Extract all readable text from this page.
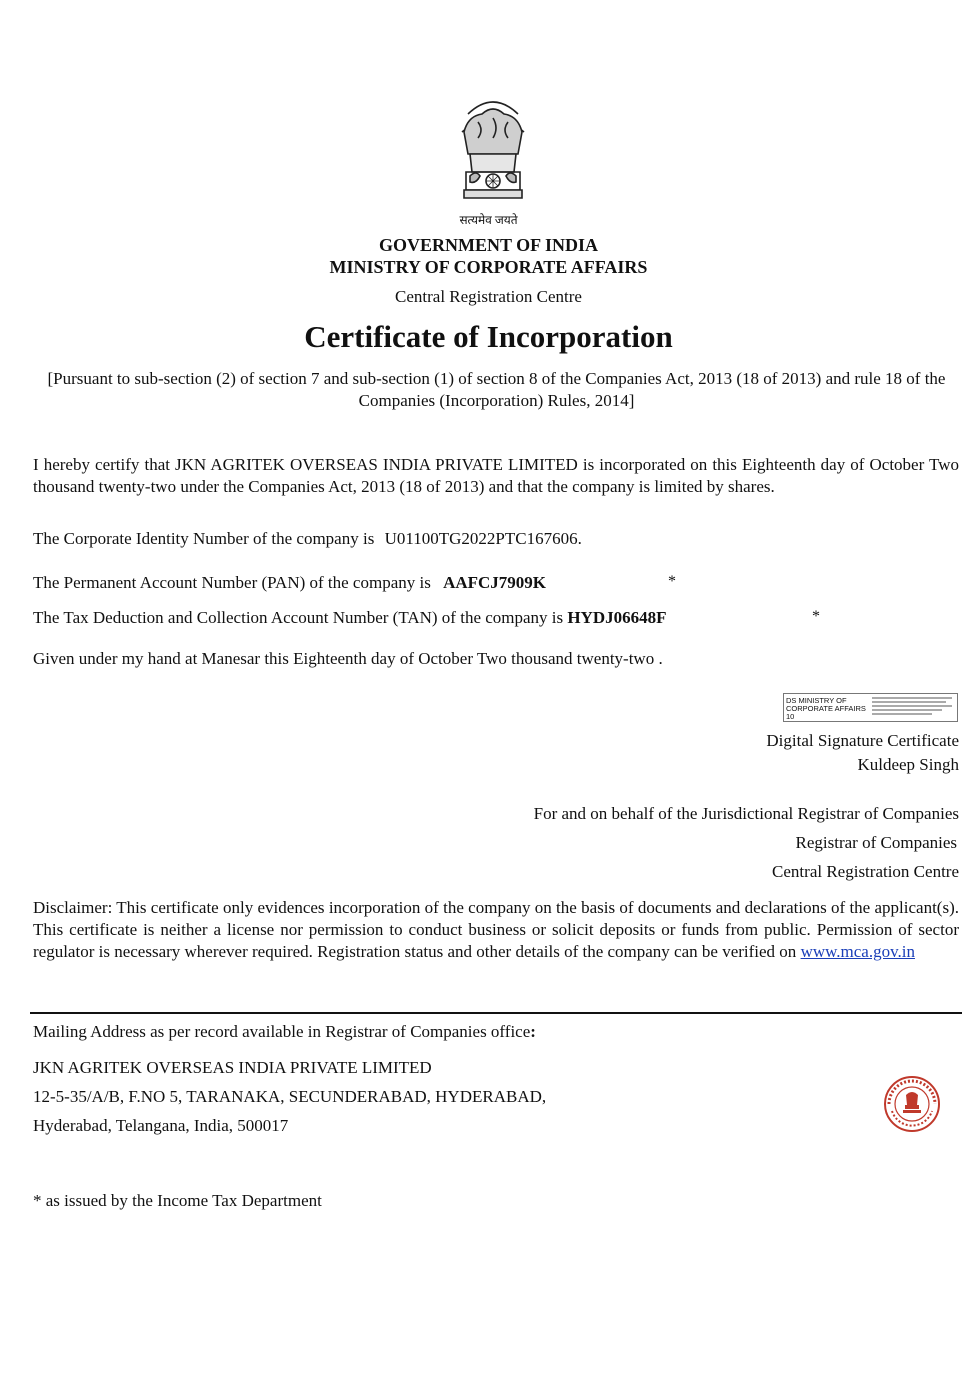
सत्यमेव जयते
GOVERNMENT OF INDIA
MINISTRY OF CORPORATE AFFAIRS
Central Registration Centre
Certificate of Incorporation
[Pursuant to sub-section (2) of section 7 and sub-section (1) of section 8 of the Companies Act, 2013 (18 of 2013) and rule 18 of the Companies (Incorporation) Rules, 2014]
I hereby certify that JKN AGRITEK OVERSEAS INDIA PRIVATE LIMITED is incorporated on this Eighteenth day of October Two thousand twenty-two under the Companies Act, 2013 (18 of 2013) and that the company is limited by shares.
The Corporate Identity Number of the company is U01100TG2022PTC167606.
The Permanent Account Number (PAN) of the company is AAFCJ7909K	*
The Tax Deduction and Collection Account Number (TAN) of the company is HYDJ06648F	*
Given under my hand at Manesar this Eighteenth day of October Two thousand twenty-two .
DS MINISTRY OF CORPORATE AFFAIRS 10
Digital Signature Certificate
Kuldeep Singh
For and on behalf of the Jurisdictional Registrar of Companies
Registrar of Companies
Central Registration Centre
Disclaimer: This certificate only evidences incorporation of the company on the basis of documents and declarations of the applicant(s). This certificate is neither a license nor permission to conduct business or solicit deposits or funds from public. Permission of sector regulator is necessary wherever required. Registration status and other details of the company can be verified on www.mca.gov.in
Mailing Address as per record available in Registrar of Companies office:
JKN AGRITEK OVERSEAS INDIA PRIVATE LIMITED
12-5-35/A/B, F.NO 5, TARANAKA, SECUNDERABAD, HYDERABAD,
Hyderabad, Telangana, India, 500017
* as issued by the Income Tax Department
